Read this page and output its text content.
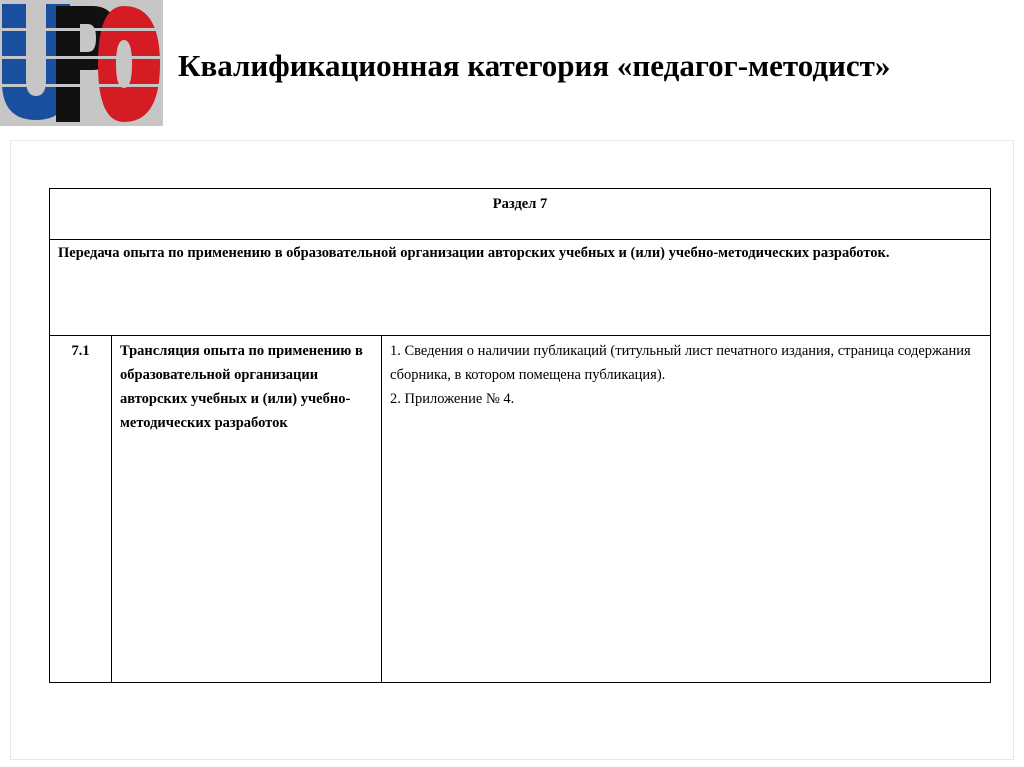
Квалификационная категория «педагог-методист»
Раздел 7

Передача опыта по применению в образовательной организации авторских учебных и (или) учебно-методических разработок.

7.1	Трансляция опыта по применению в образовательной организации авторских учебных и (или) учебно-методических разработок	
1. Сведения о наличии публикаций (титульный лист печатного издания, страница содержания сборника, в котором помещена публикация).
2. Приложение № 4.
